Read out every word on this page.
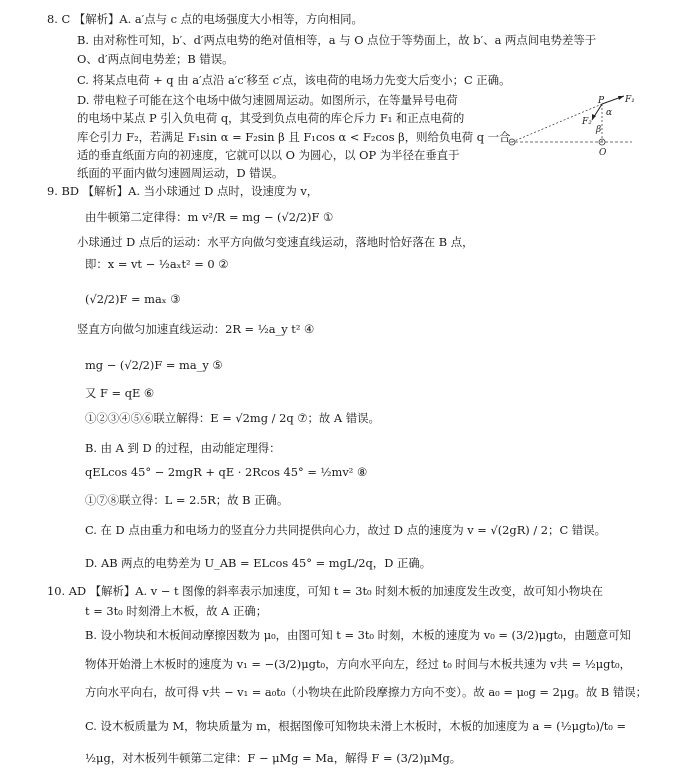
8. C 【解析】A. a′点与 c 点的电场强度大小相等，方向相同。
B. 由对称性可知，b′、d′两点电势的绝对值相等，a 与 O 点位于等势面上，故 b′、a 两点间电势差等于
O、d′两点间电势差；B 错误。
C. 将某点电荷 + q 由 a′点沿 a′c′移至 c′点，该电荷的电场力先变大后变小；C 正确。
D. 带电粒子可能在这个电场中做匀速圆周运动。如图所示，在等量异号电荷
的电场中某点 P 引入负电荷 q，其受到负点电荷的库仑斥力 F₁ 和正点电荷的
库仑引力 F₂，若满足 F₁sin α = F₂sin β 且 F₁cos α < F₂cos β，则给负电荷 q 一合
适的垂直纸面方向的初速度，它就可以以 O 为圆心，以 OP 为半径在垂直于
纸面的平面内做匀速圆周运动，D 错误。
P
α
β
F₁
F₂
O
9. BD 【解析】A. 当小球通过 D 点时，设速度为 v，
由牛顿第二定律得：m v²/R = mg − (√2/2)F ①
小球通过 D 点后的运动：水平方向做匀变速直线运动，落地时恰好落在 B 点，
即：x = vt − ½aₓt² = 0 ②
(√2/2)F = maₓ ③
竖直方向做匀加速直线运动：2R = ½a_y t² ④
mg − (√2/2)F = ma_y ⑤
又 F = qE ⑥
①②③④⑤⑥联立解得：E = √2mg / 2q ⑦；故 A 错误。
B. 由 A 到 D 的过程，由动能定理得：
qELcos 45° − 2mgR + qE · 2Rcos 45° = ½mv² ⑧
①⑦⑧联立得：L = 2.5R；故 B 正确。
C. 在 D 点由重力和电场力的竖直分力共同提供向心力，故过 D 点的速度为 v = √(2gR) / 2；C 错误。
D. AB 两点的电势差为 U_AB = ELcos 45° = mgL/2q，D 正确。
10. AD 【解析】A. v − t 图像的斜率表示加速度，可知 t = 3t₀ 时刻木板的加速度发生改变，故可知小物块在
t = 3t₀ 时刻滑上木板，故 A 正确；
B. 设小物块和木板间动摩擦因数为 μ₀，由图可知 t = 3t₀ 时刻，木板的速度为 v₀ = (3/2)μgt₀，由题意可知
物体开始滑上木板时的速度为 v₁ = −(3/2)μgt₀，方向水平向左，经过 t₀ 时间与木板共速为 v共 = ½μgt₀，
方向水平向右，故可得 v共 − v₁ = a₀t₀（小物块在此阶段摩擦力方向不变）。故 a₀ = μ₀g = 2μg。故 B 错误；
C. 设木板质量为 M，物块质量为 m，根据图像可知物块未滑上木板时，木板的加速度为 a = (½μgt₀)/t₀ =
½μg，对木板列牛顿第二定律：F − μMg = Ma，解得 F = (3/2)μMg。
